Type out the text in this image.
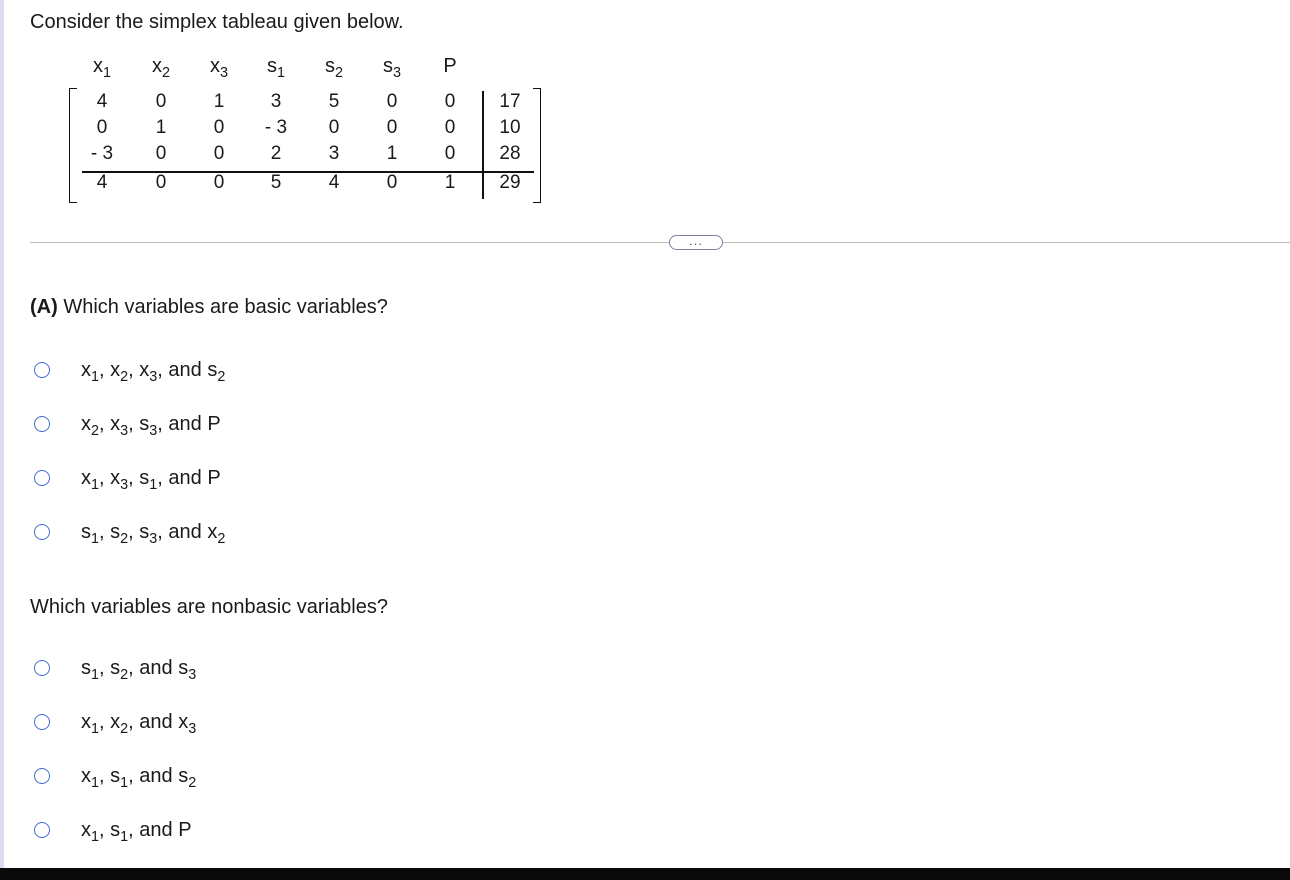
Consider the simplex tableau given below.
$x_1$	$x_2$	$x_3$	$s_1$	$s_2$	$s_3$	P
4	0	1	3	5	0	0	17
0	1	0	- 3	0	0	0	10
- 3	0	0	2	3	1	0	28
4	0	0	5	4	0	1	29
...
(A) Which variables are basic variables?
$x_1$, $x_2$, $x_3$, and $s_2$
$x_2$, $x_3$, $s_3$, and P
$x_1$, $x_3$, $s_1$, and P
$s_1$, $s_2$, $s_3$, and $x_2$
Which variables are nonbasic variables?
$s_1$, $s_2$, and $s_3$
$x_1$, $x_2$, and $x_3$
$x_1$, $s_1$, and $s_2$
$x_1$, $s_1$, and P
